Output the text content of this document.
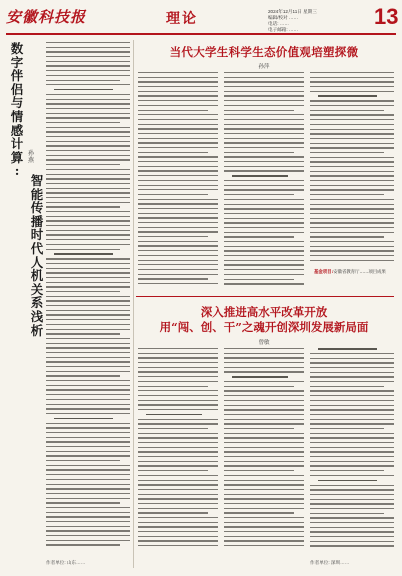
安徽科技报	理论	2024年12月11日 星期三
编辑/校对 ……
电话: ……
电子邮箱: ……
13
数
字
伴
侣
与
情
感
计
算
:
智
能
传
播
时
代
人
机
关
系
浅
析
孙燕
当代大学生科学生态价值观培塑探微
孙萍
基金项目:安徽省教育厅……项目成果
深入推进高水平改革开放
用“闯、创、干”之魂开创深圳发展新局面
曾敏
作者单位: 山东……	作者单位: 深圳……
